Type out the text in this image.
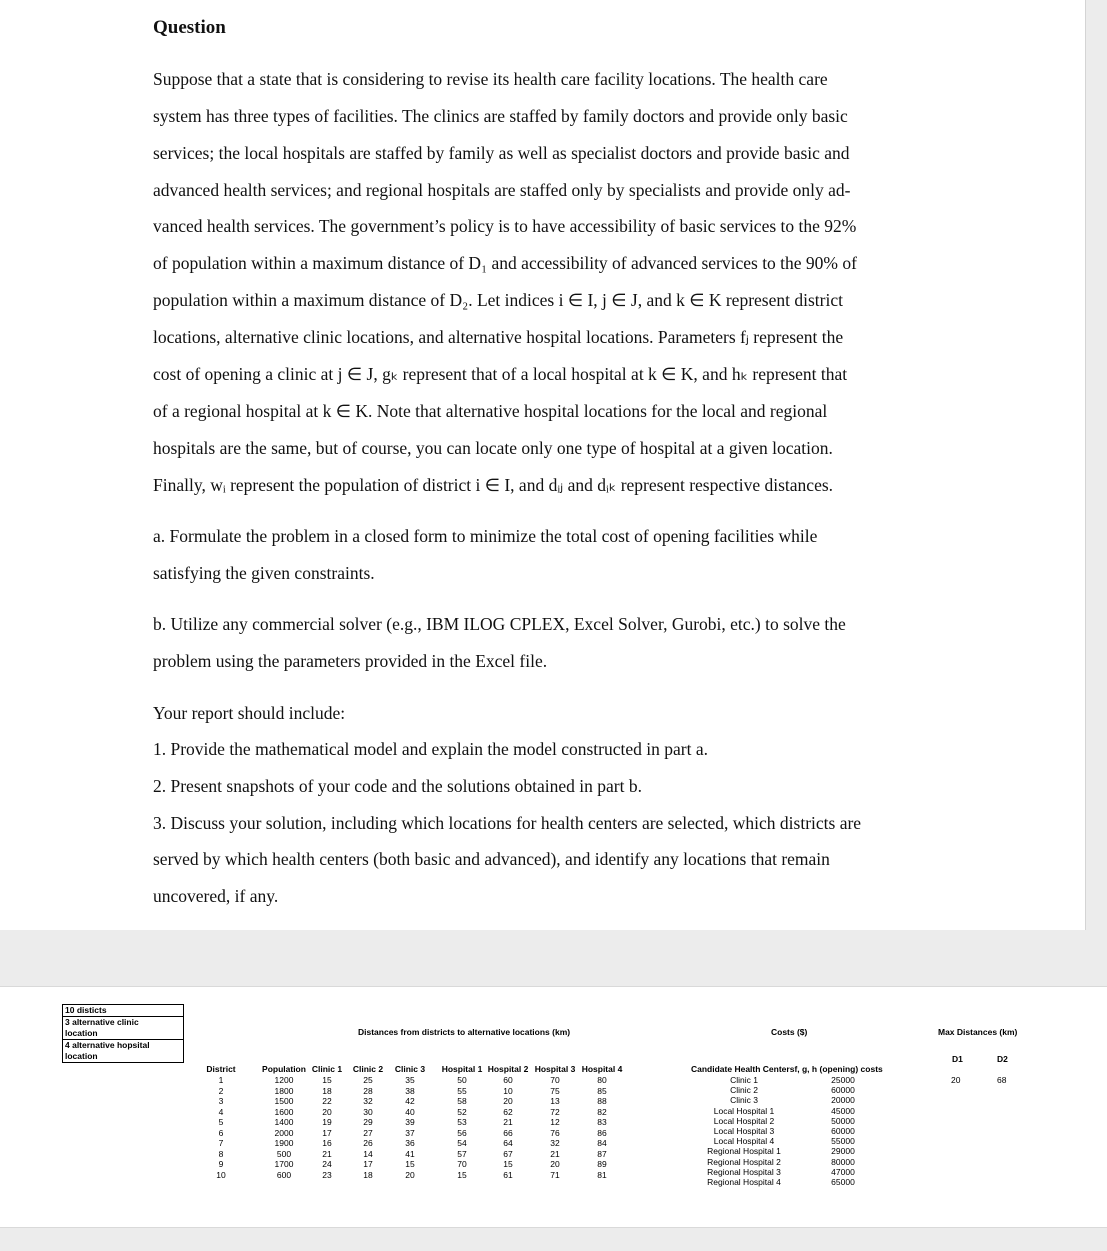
Question

Suppose that a state that is considering to revise its health care facility locations. The health care

system has three types of facilities. The clinics are staffed by family doctors and provide only basic

services; the local hospitals are staffed by family as well as specialist doctors and provide basic and

advanced health services; and regional hospitals are staffed only by specialists and provide only ad-

vanced health services. The government’s policy is to have accessibility of basic services to the 92%

of population within a maximum distance of D₁ and accessibility of advanced services to the 90% of

population within a maximum distance of D₂. Let indices i ∈ I, j ∈ J, and k ∈ K represent district

locations, alternative clinic locations, and alternative hospital locations. Parameters fⱼ represent the

cost of opening a clinic at j ∈ J, gₖ represent that of a local hospital at k ∈ K, and hₖ represent that

of a regional hospital at k ∈ K. Note that alternative hospital locations for the local and regional

hospitals are the same, but of course, you can locate only one type of hospital at a given location.

Finally, wᵢ represent the population of district i ∈ I, and dᵢⱼ and dᵢₖ represent respective distances.

a. Formulate the problem in a closed form to minimize the total cost of opening facilities while

satisfying the given constraints.

b. Utilize any commercial solver (e.g., IBM ILOG CPLEX, Excel Solver, Gurobi, etc.) to solve the

problem using the parameters provided in the Excel file.

Your report should include:

1. Provide the mathematical model and explain the model constructed in part a.

2. Present snapshots of your code and the solutions obtained in part b.

3. Discuss your solution, including which locations for health centers are selected, which districts are

served by which health centers (both basic and advanced), and identify any locations that remain

uncovered, if any.

10 disticts
3 alternative clinic
location
4 alternative hopsital
location
Distances from districts to alternative locations (km)	Costs ($)	Max Distances (km)
D1	D2
20	68
Candidate Health Centersf, g, h (opening) costs
District	Population Clinic 1	Clinic 2	Clinic 3	Hospital 1 Hospital 2 Hospital 3 Hospital 4
1	1200	15	25	35	50	60	70	80
2	1800	18	28	38	55	10	75	85
3	1500	22	32	42	58	20	13	88
4	1600	20	30	40	52	62	72	82
5	1400	19	29	39	53	21	12	83
6	2000	17	27	37	56	66	76	86
7	1900	16	26	36	54	64	32	84
8	500	21	14	41	57	67	21	87
9	1700	24	17	15	70	15	20	89
10	600	23	18	20	15	61	71	81
Clinic 1	25000
Clinic 2	60000
Clinic 3	20000
Local Hospital 1	45000
Local Hospital 2	50000
Local Hospital 3	60000
Local Hospital 4	55000
Regional Hospital 1	29000
Regional Hospital 2	80000
Regional Hospital 3	47000
Regional Hospital 4	65000
